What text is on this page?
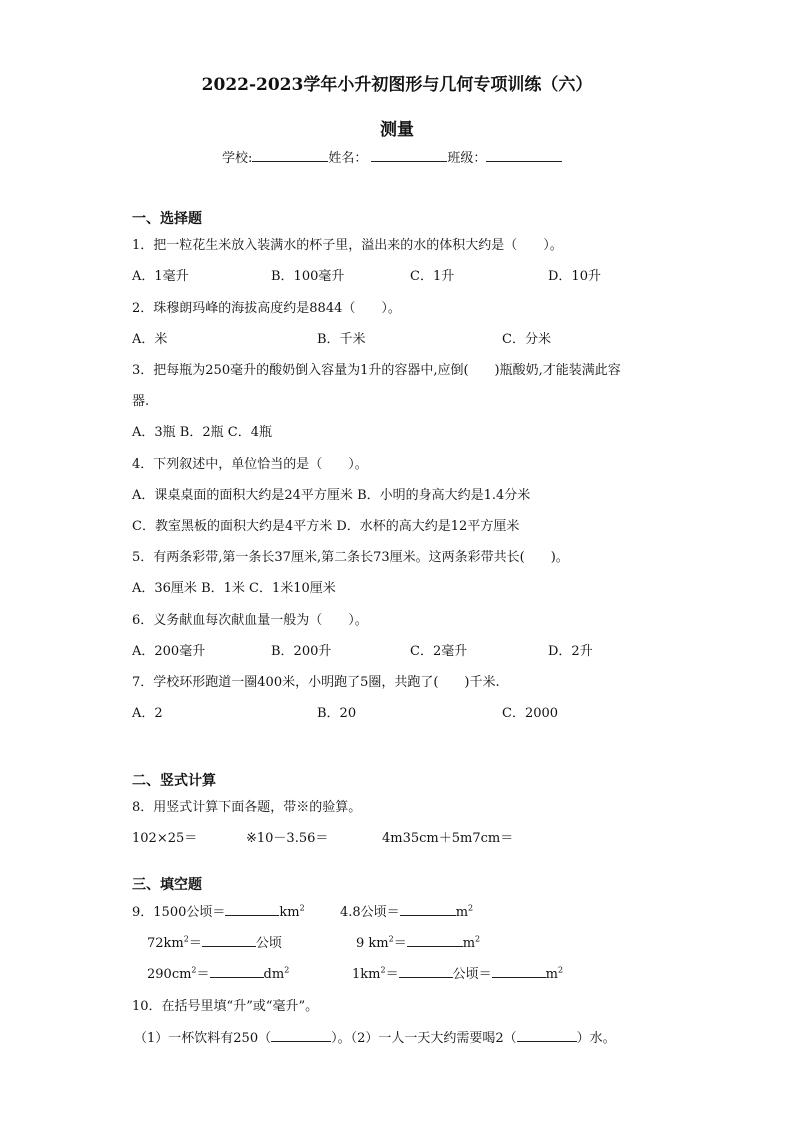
2022-2023学年小升初图形与几何专项训练（六）
测量
学校:	姓名：	班级：
一、选择题
1．把一粒花生米放入装满水的杯子里，溢出来的水的体积大约是（　　）。
A．1毫升	B．100毫升	C．1升	D．10升
2．珠穆朗玛峰的海拔高度约是8844（　　）。
A．米	B．千米	C．分米
3．把每瓶为250毫升的酸奶倒入容量为1升的容器中,应倒(　　)瓶酸奶,才能装满此容
器.
A．3瓶 B．2瓶 C．4瓶
4．下列叙述中，单位恰当的是（　　）。
A．课桌桌面的面积大约是24平方厘米 B．小明的身高大约是1.4分米
C．教室黑板的面积大约是4平方米 D．水杯的高大约是12平方厘米
5．有两条彩带,第一条长37厘米,第二条长73厘米。这两条彩带共长(　　)。
A．36厘米 B．1米 C．1米10厘米
6．义务献血每次献血量一般为（　　）。
A．200毫升	B．200升	C．2毫升	D．2升
7．学校环形跑道一圈400米，小明跑了5圈，共跑了(　　)千米.
A．2	B．20	C．2000
二、竖式计算
8．用竖式计算下面各题，带※的验算。
102×25＝	※10－3.56＝	4m35cm＋5m7cm＝
三、填空题
9．1500公顷＝	$km^2$	4.8公顷＝	$m^2$
$72km^2=$	公顷	9 $km^2=$	$m^2$
$290cm^2=$	$dm^2$	$1km^2=$	公顷＝	$m^2$
10．在括号里填“升”或“毫升”。
（1）一杯饮料有250（	）。（2）一人一天大约需要喝2（	）水。
